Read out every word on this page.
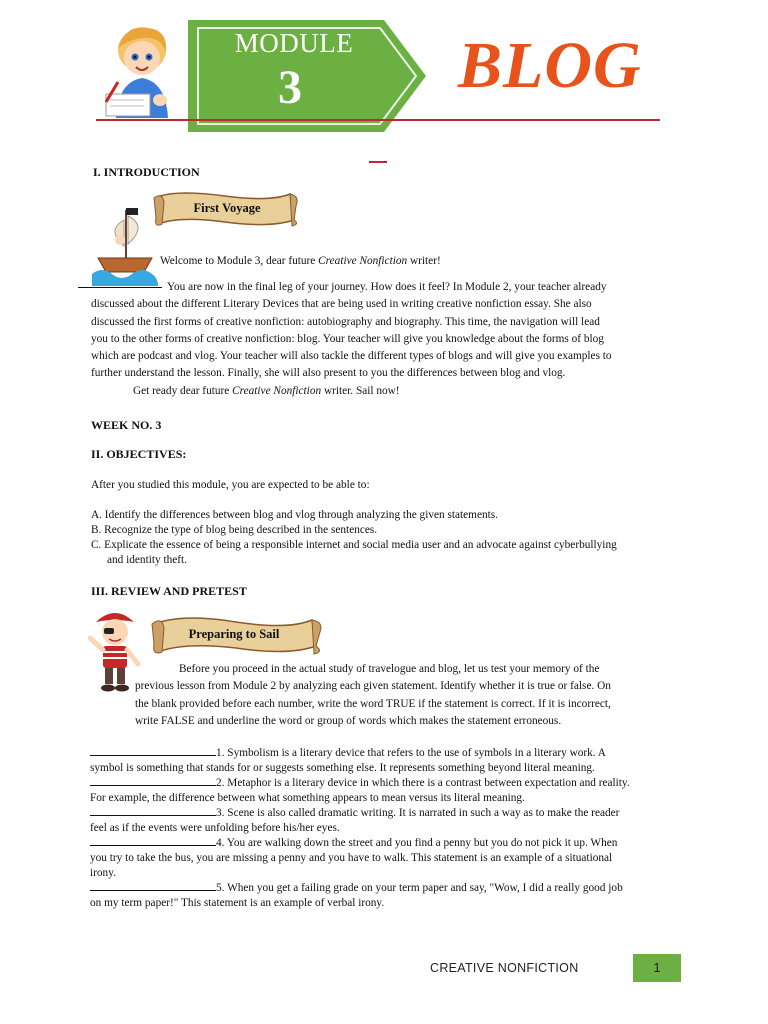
MODULE
3	BLOG
I. INTRODUCTION
First Voyage
Welcome to Module 3, dear future Creative Nonfiction writer!
You are now in the final leg of your journey. How does it feel? In Module 2, your teacher already
discussed about the different Literary Devices that are being used in writing creative nonfiction essay. She also
discussed the first forms of creative nonfiction: autobiography and biography. This time, the navigation will lead
you to the other forms of creative nonfiction: blog. Your teacher will give you knowledge about the forms of blog
which are podcast and vlog. Your teacher will also tackle the different types of blogs and will give you examples to
further understand the lesson. Finally, she will also present to you the differences between blog and vlog.
Get ready dear future Creative Nonfiction writer. Sail now!
WEEK NO. 3
II. OBJECTIVES:
After you studied this module, you are expected to be able to:
A. Identify the differences between blog and vlog through analyzing the given statements.
B. Recognize the type of blog being described in the sentences.
C. Explicate the essence of being a responsible internet and social media user and an advocate against cyberbullying
and identity theft.
III. REVIEW AND PRETEST
Preparing to Sail
Before you proceed in the actual study of travelogue and blog, let us test your memory of the
previous lesson from Module 2 by analyzing each given statement. Identify whether it is true or false. On
the blank provided before each number, write the word TRUE if the statement is correct. If it is incorrect,
write FALSE and underline the word or group of words which makes the statement erroneous.
1. Symbolism is a literary device that refers to the use of symbols in a literary work. A
symbol is something that stands for or suggests something else. It represents something beyond literal meaning.
2. Metaphor is a literary device in which there is a contrast between expectation and reality.
For example, the difference between what something appears to mean versus its literal meaning.
3. Scene is also called dramatic writing. It is narrated in such a way as to make the reader
feel as if the events were unfolding before his/her eyes.
4. You are walking down the street and you find a penny but you do not pick it up. When
you try to take the bus, you are missing a penny and you have to walk. This statement is an example of a situational
irony.
5. When you get a failing grade on your term paper and say, "Wow, I did a really good job
on my term paper!" This statement is an example of verbal irony.
CREATIVE NONFICTION	1
